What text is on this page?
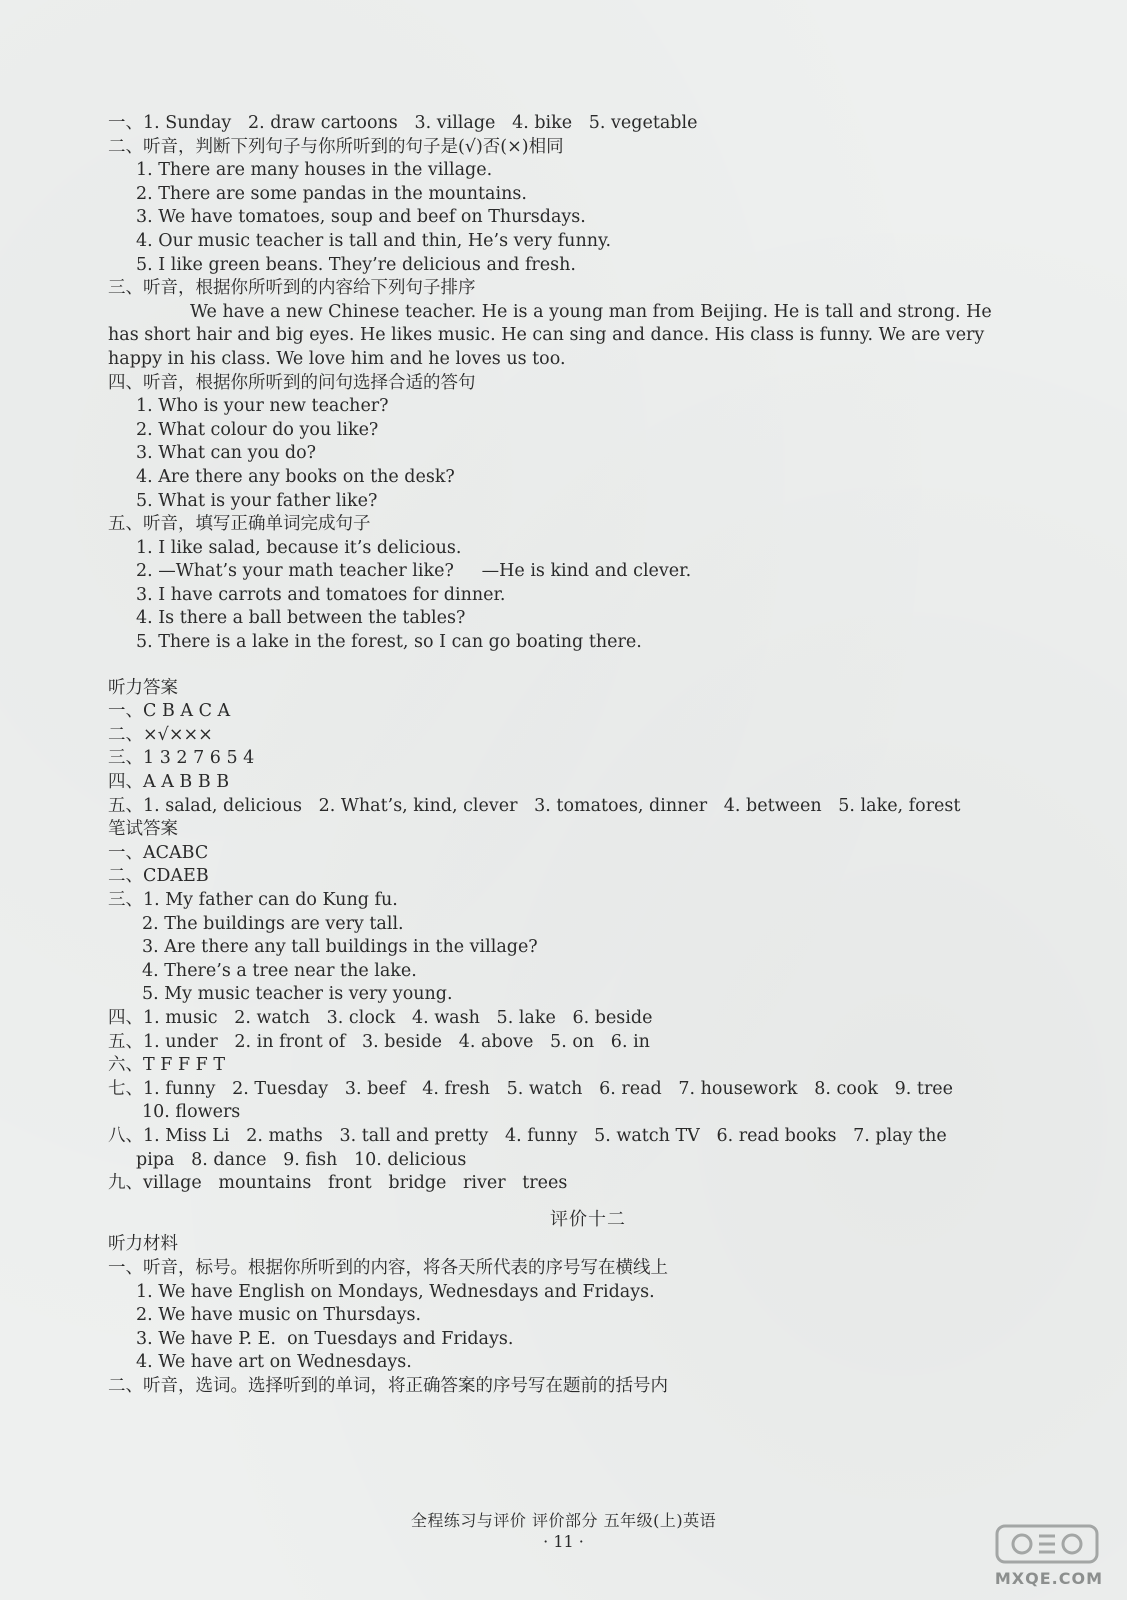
一、1. Sunday   2. draw cartoons   3. village   4. bike   5. vegetable
二、听音，判断下列句子与你所听到的句子是(√)否(×)相同
1. There are many houses in the village.
2. There are some pandas in the mountains.
3. We have tomatoes, soup and beef on Thursdays.
4. Our music teacher is tall and thin, He’s very funny.
5. I like green beans. They’re delicious and fresh.
三、听音，根据你所听到的内容给下列句子排序
We have a new Chinese teacher. He is a young man from Beijing. He is tall and strong. He has short hair and big eyes. He likes music. He can sing and dance. His class is funny. We are very happy in his class. We love him and he loves us too.
四、听音，根据你所听到的问句选择合适的答句
1. Who is your new teacher?
2. What colour do you like?
3. What can you do?
4. Are there any books on the desk?
5. What is your father like?
五、听音，填写正确单词完成句子
1. I like salad, because it’s delicious.
2. —What’s your math teacher like?     —He is kind and clever.
3. I have carrots and tomatoes for dinner.
4. Is there a ball between the tables?
5. There is a lake in the forest, so I can go boating there.
听力答案
一、C B A C A
二、×√×××
三、1 3 2 7 6 5 4
四、A A B B B
五、1. salad, delicious   2. What’s, kind, clever   3. tomatoes, dinner   4. between   5. lake, forest
笔试答案
一、ACABC
二、CDAEB
三、1. My father can do Kung fu.
2. The buildings are very tall.
3. Are there any tall buildings in the village?
4. There’s a tree near the lake.
5. My music teacher is very young.
四、1. music   2. watch   3. clock   4. wash   5. lake   6. beside
五、1. under   2. in front of   3. beside   4. above   5. on   6. in
六、T F F F T
七、1. funny   2. Tuesday   3. beef   4. fresh   5. watch   6. read   7. housework   8. cook   9. tree
10. flowers
八、1. Miss Li   2. maths   3. tall and pretty   4. funny   5. watch TV   6. read books   7. play the
pipa   8. dance   9. fish   10. delicious
九、village   mountains   front   bridge   river   trees
评价十二
听力材料
一、听音，标号。根据你所听到的内容，将各天所代表的序号写在横线上
1. We have English on Mondays, Wednesdays and Fridays.
2. We have music on Thursdays.
3. We have P. E.  on Tuesdays and Fridays.
4. We have art on Wednesdays.
二、听音，选词。选择听到的单词，将正确答案的序号写在题前的括号内
全程练习与评价 评价部分 五年级(上)英语
· 11 ·
MXQE.COM
